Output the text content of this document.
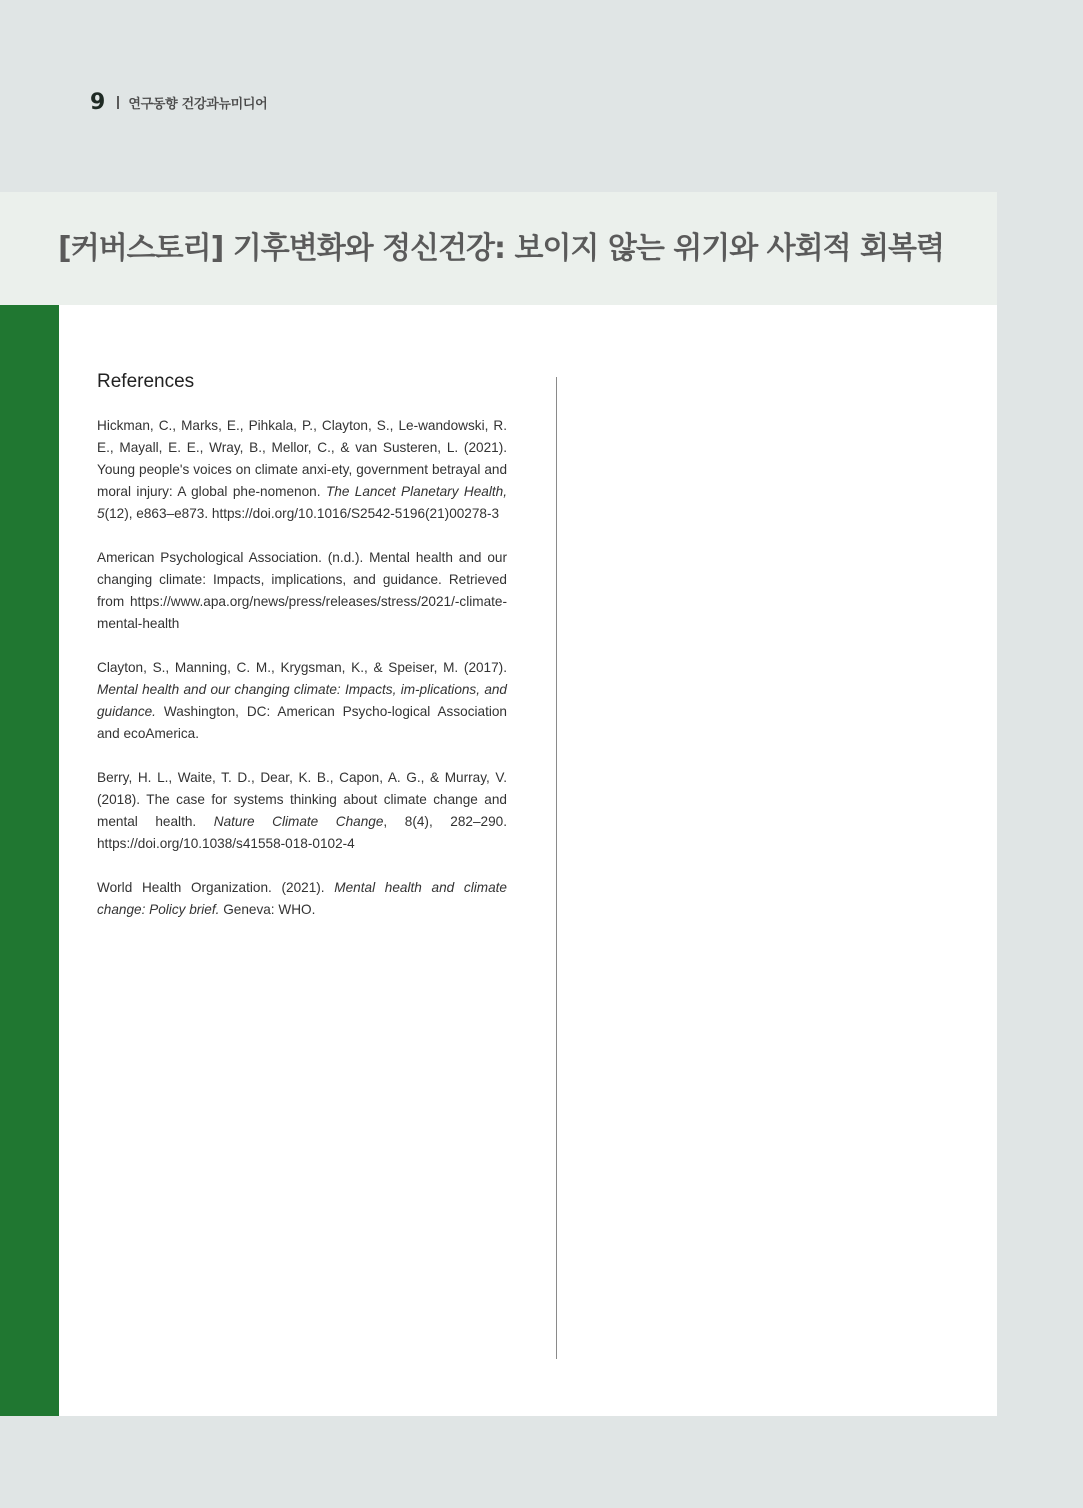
9 연구동향 건강과뉴미디어
[커버스토리] 기후변화와 정신건강: 보이지 않는 위기와 사회적 회복력
References

Hickman, C., Marks, E., Pihkala, P., Clayton, S., Le-wandowski, R. E., Mayall, E. E., Wray, B., Mellor, C., & van Susteren, L. (2021). Young people's voices on climate anxi-ety, government betrayal and moral injury: A global phe-nomenon. The Lancet Planetary Health, 5(12), e863–e873. https://doi.org/10.1016/S2542-5196(21)00278-3

American Psychological Association. (n.d.). Mental health and our changing climate: Impacts, implications, and guidance. Retrieved from https://www.apa.org/news/press/releases/stress/2021/-climate-mental-health

Clayton, S., Manning, C. M., Krygsman, K., & Speiser, M. (2017). Mental health and our changing climate: Impacts, im-plications, and guidance. Washington, DC: American Psycho-logical Association and ecoAmerica.

Berry, H. L., Waite, T. D., Dear, K. B., Capon, A. G., & Murray, V. (2018). The case for systems thinking about climate change and mental health. Nature Climate Change, 8(4), 282–290. https://doi.org/10.1038/s41558-018-0102-4

World Health Organization. (2021). Mental health and climate change: Policy brief. Geneva: WHO.
